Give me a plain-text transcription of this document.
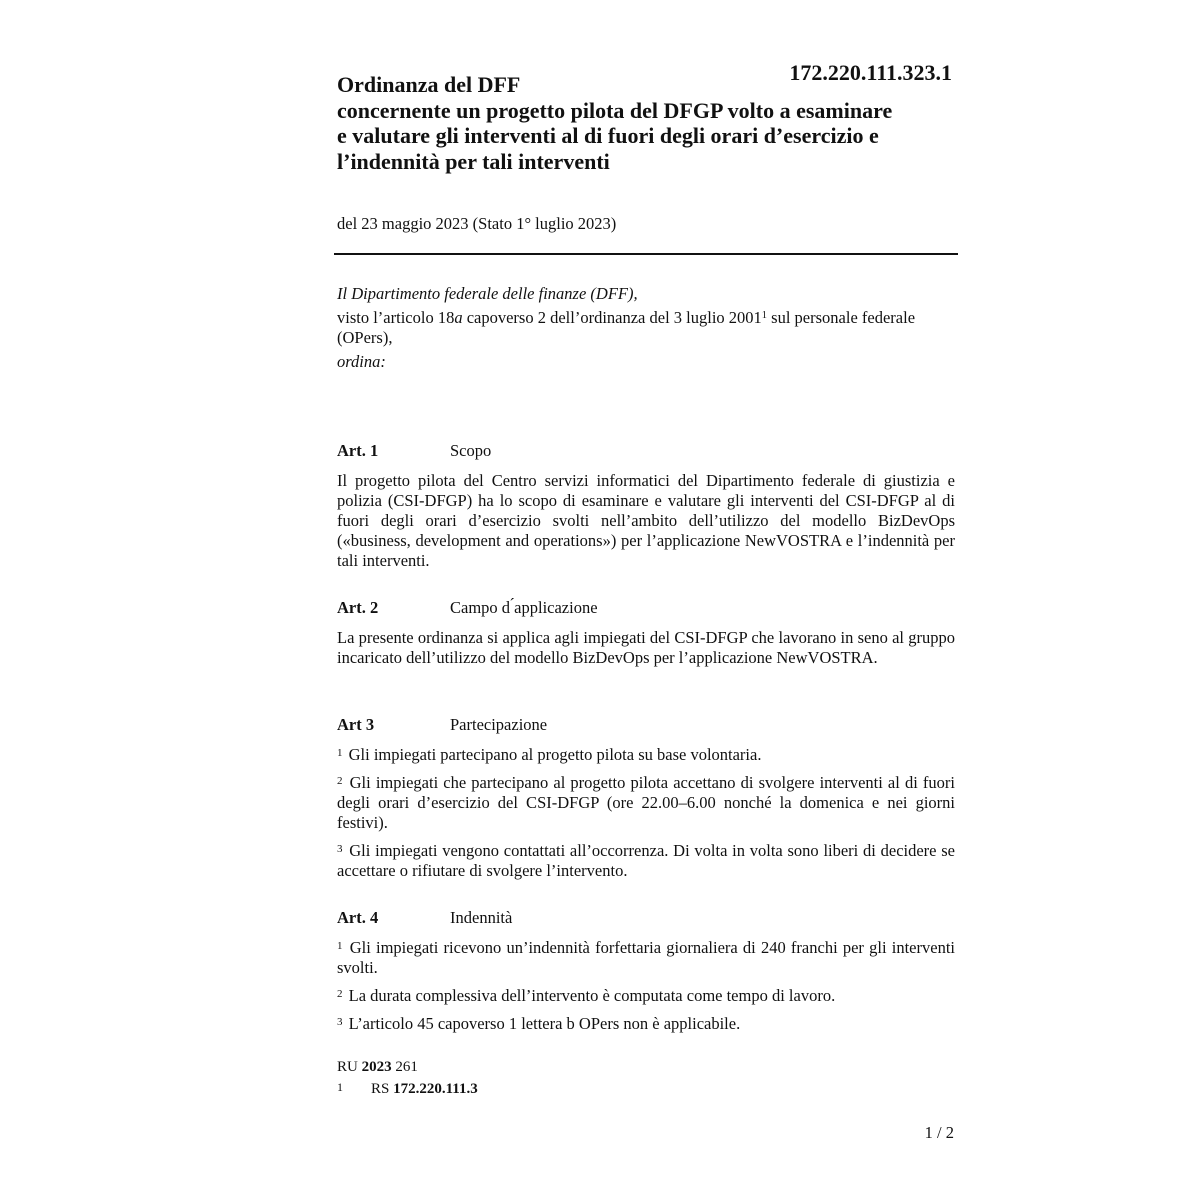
172.220.111.323.1
Ordinanza del DFF
concernente un progetto pilota del DFGP volto a esaminare
e valutare gli interventi al di fuori degli orari d’esercizio e
l’indennità per tali interventi
del 23 maggio 2023 (Stato 1° luglio 2023)

Il Dipartimento federale delle finanze (DFF),

visto l’articolo 18a capoverso 2 dell’ordinanza del 3 luglio 2001$^1$ sul personale federale (OPers),

ordina:

Art. 1	Scopo

Il progetto pilota del Centro servizi informatici del Dipartimento federale di giustizia e polizia (CSI-DFGP) ha lo scopo di esaminare e valutare gli interventi del CSI-DFGP al di fuori degli orari d’esercizio svolti nell’ambito dell’utilizzo del modello BizDevOps («business, development and operations») per l’applicazione NewVOSTRA e l’indennità per tali interventi.

Art. 2	Campo d ́applicazione

La presente ordinanza si applica agli impiegati del CSI-DFGP che lavorano in seno al gruppo incaricato dell’utilizzo del modello BizDevOps per l’applicazione NewVOSTRA.

Art 3	Partecipazione

$^1$ Gli impiegati partecipano al progetto pilota su base volontaria.

$^2$ Gli impiegati che partecipano al progetto pilota accettano di svolgere interventi al di fuori degli orari d’esercizio del CSI-DFGP (ore 22.00–6.00 nonché la domenica e nei giorni festivi).

$^3$ Gli impiegati vengono contattati all’occorrenza. Di volta in volta sono liberi di decidere se accettare o rifiutare di svolgere l’intervento.

Art. 4	Indennità

$^1$ Gli impiegati ricevono un’indennità forfettaria giornaliera di 240 franchi per gli interventi svolti.

$^2$ La durata complessiva dell’intervento è computata come tempo di lavoro.

$^3$ L’articolo 45 capoverso 1 lettera b OPers non è applicabile.

RU 2023 261
1 RS 172.220.111.3
1 / 2
